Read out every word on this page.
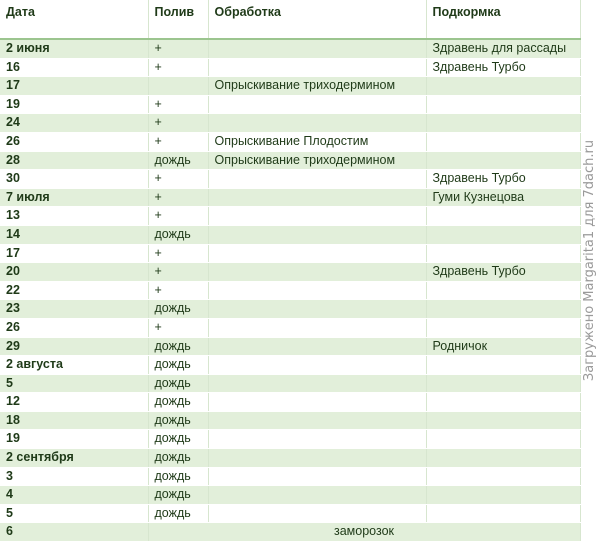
Дата	Полив	Обработка	Подкормка
2 июня	+		Здравень для рассады
16	+		Здравень Турбо
17		Опрыскивание триходермином	
19	+		
24	+		
26	+	Опрыскивание Плодостим	
28	дождь	Опрыскивание триходермином	
30	+		Здравень Турбо
7 июля	+		Гуми Кузнецова
13	+		
14	дождь		
17	+		
20	+		Здравень Турбо
22	+		
23	дождь		
26	+		
29	дождь		Родничок
2 августа	дождь		
5	дождь		
12	дождь		
18	дождь		
19	дождь		
2 сентября	дождь		
3	дождь		
4	дождь		
5	дождь		
6	заморозок		
Загружено Margarita1 для 7dach.ru
